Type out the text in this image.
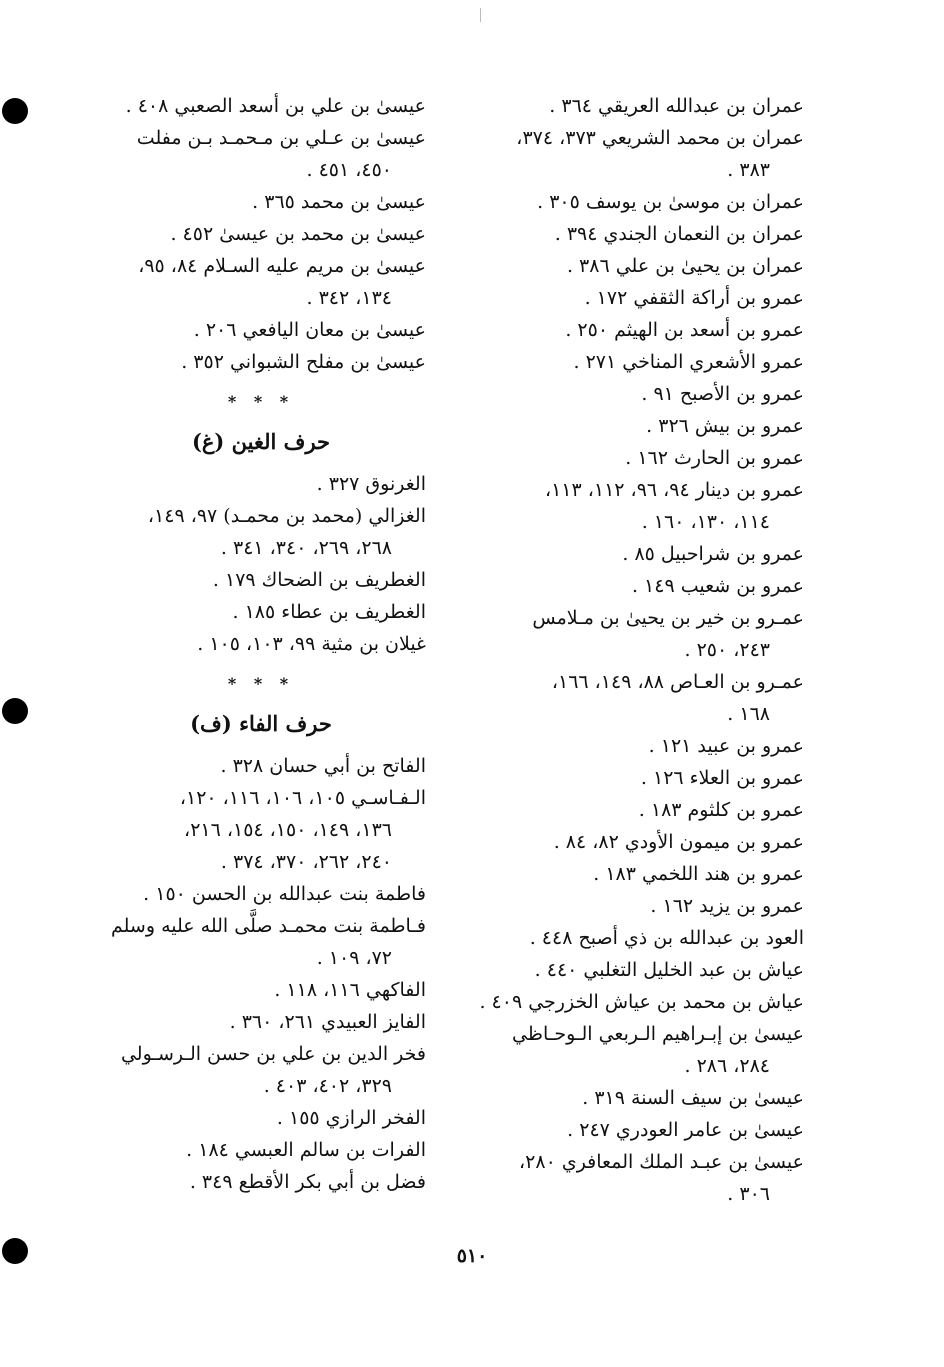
عمران بن عبدالله العريقي ٣٦٤ .
عمران بن محمد الشريعي ٣٧٣، ٣٧٤،
٣٨٣ .
عمران بن موسىٰ بن يوسف ٣٠٥ .
عمران بن النعمان الجندي ٣٩٤ .
عمران بن يحيىٰ بن علي ٣٨٦ .
عمرو بن أراكة الثقفي ١٧٢ .
عمرو بن أسعد بن الهيثم ٢٥٠ .
عمرو الأشعري المناخي ٢٧١ .
عمرو بن الأصبح ٩١ .
عمرو بن بيش ٣٢٦ .
عمرو بن الحارث ١٦٢ .
عمرو بن دينار ٩٤، ٩٦، ١١٢، ١١٣،
١١٤، ١٣٠، ١٦٠ .
عمرو بن شراحبيل ٨٥ .
عمرو بن شعيب ١٤٩ .
عمـرو بن خير بن يحيىٰ بن مـلامس
٢٤٣، ٢٥٠ .
عمـرو بن العـاص ٨٨، ١٤٩، ١٦٦،
١٦٨ .
عمرو بن عبيد ١٢١ .
عمرو بن العلاء ١٢٦ .
عمرو بن كلثوم ١٨٣ .
عمرو بن ميمون الأودي ٨٢، ٨٤ .
عمرو بن هند اللخمي ١٨٣ .
عمرو بن يزيد ١٦٢ .
العود بن عبدالله بن ذي أصبح ٤٤٨ .
عياش بن عبد الخليل التغلبي ٤٤٠ .
عياش بن محمد بن عياش الخزرجي ٤٠٩ .
عيسىٰ بن إبـراهيم الـربعي الـوحـاظي
٢٨٤، ٢٨٦ .
عيسىٰ بن سيف السنة ٣١٩ .
عيسىٰ بن عامر العودري ٢٤٧ .
عيسىٰ بن عبـد الملك المعافري ٢٨٠،
٣٠٦ .
عيسىٰ بن علي بن أسعد الصعبي ٤٠٨ .
عيسىٰ بن عـلي بن مـحمـد بـن مفلت
٤٥٠، ٤٥١ .
عيسىٰ بن محمد ٣٦٥ .
عيسىٰ بن محمد بن عيسىٰ ٤٥٢ .
عيسىٰ بن مريم عليه السـلام ٨٤، ٩٥،
١٣٤، ٣٤٢ .
عيسىٰ بن معان اليافعي ٢٠٦ .
عيسىٰ بن مفلح الشبواني ٣٥٢ .
* * *
حرف الغين (غ)
الغرنوق ٣٢٧ .
الغزالي (محمد بن محمـد) ٩٧، ١٤٩،
٢٦٨، ٢٦٩، ٣٤٠، ٣٤١ .
الغطريف بن الضحاك ١٧٩ .
الغطريف بن عطاء ١٨٥ .
غيلان بن مثية ٩٩، ١٠٣، ١٠٥ .
* * *
حرف الفاء (ف)
الفاتح بن أبي حسان ٣٢٨ .
الـفـاسـي ١٠٥، ١٠٦، ١١٦، ١٢٠،
١٣٦، ١٤٩، ١٥٠، ١٥٤، ٢١٦،
٢٤٠، ٢٦٢، ٣٧٠، ٣٧٤ .
فاطمة بنت عبدالله بن الحسن ١٥٠ .
فـاطمة بنت محمـد صلَّى الله عليه وسلم
٧٢، ١٠٩ .
الفاكهي ١١٦، ١١٨ .
الفايز العبيدي ٢٦١، ٣٦٠ .
فخر الدين بن علي بن حسن الـرسـولي
٣٢٩، ٤٠٢، ٤٠٣ .
الفخر الرازي ١٥٥ .
الفرات بن سالم العبسي ١٨٤ .
فضل بن أبي بكر الأقطع ٣٤٩ .
٥١٠
